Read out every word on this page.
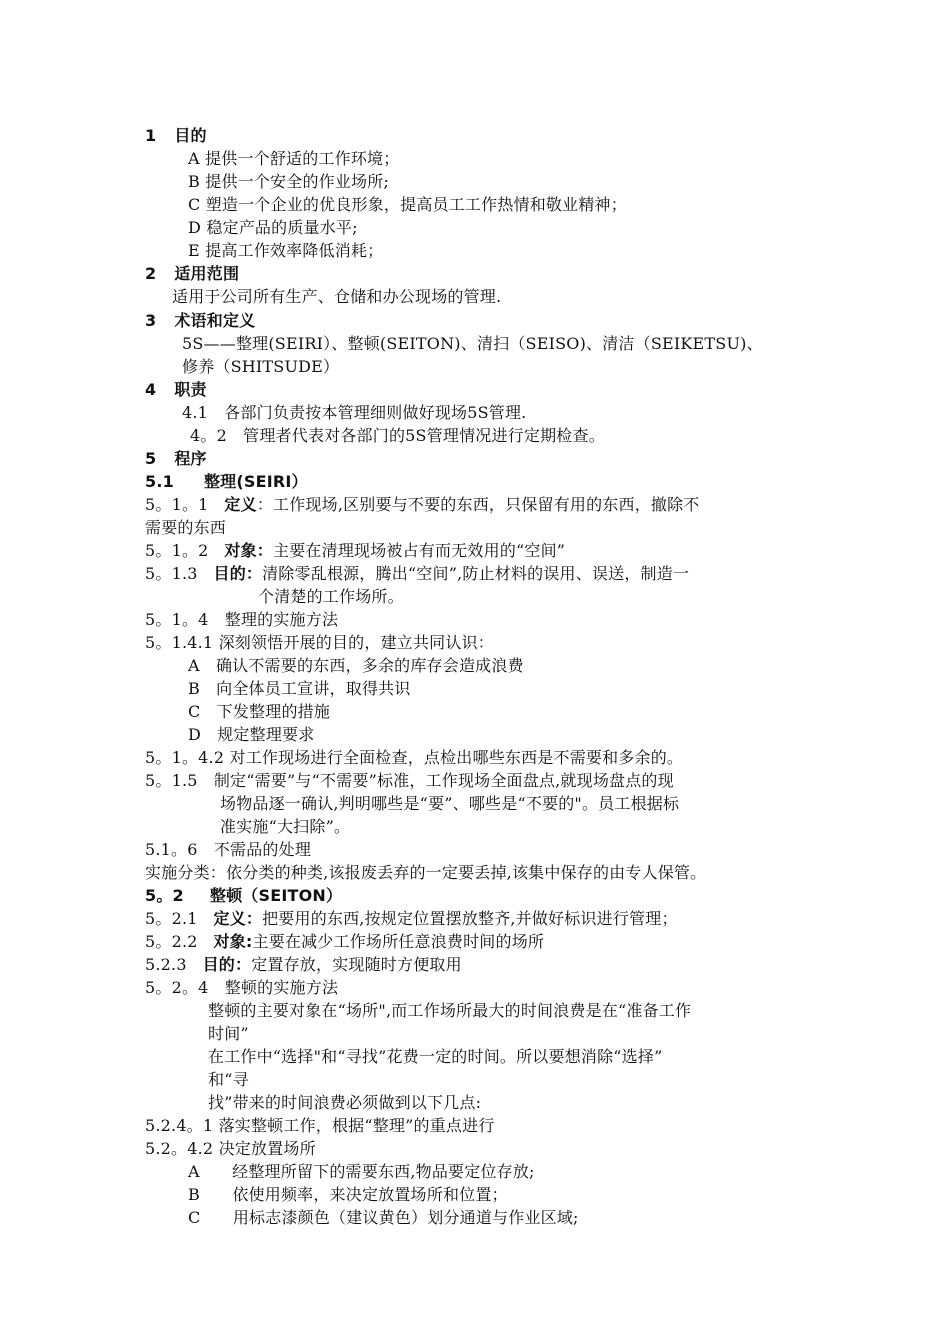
1 目的
A 提供一个舒适的工作环境；
B 提供一个安全的作业场所;
C 塑造一个企业的优良形象，提高员工工作热情和敬业精神；
D 稳定产品的质量水平;
E 提高工作效率降低消耗；
2 适用范围
适用于公司所有生产、仓储和办公现场的管理.
3 术语和定义
5S——整理(SEIRI）、整顿(SEITON)、清扫（SEISO)、清洁（SEIKETSU)、
修养（SHITSUDE）
4 职责
4.1　各部门负责按本管理细则做好现场5S管理.
4。2　管理者代表对各部门的5S管理情况进行定期检查。
5 程序
5.1 整理(SEIRI）
5。1。1 定义：工作现场,区别要与不要的东西，只保留有用的东西，撤除不
需要的东西
5。1。2 对象：主要在清理现场被占有而无效用的“空间”
5。1.3 目的：清除零乱根源，腾出“空间”,防止材料的误用、误送，制造一
个清楚的工作场所。
5。1。4　整理的实施方法
5。1.4.1 深刻领悟开展的目的，建立共同认识：
A　确认不需要的东西，多余的库存会造成浪费
B　向全体员工宣讲，取得共识
C　下发整理的措施
D　规定整理要求
5。1。4.2 对工作现场进行全面检查，点检出哪些东西是不需要和多余的。
5。1.5　制定“需要”与“不需要”标准，工作现场全面盘点,就现场盘点的现
场物品逐一确认,判明哪些是“要”、哪些是“不要的"。员工根据标
准实施“大扫除”。
5.1。6　不需品的处理
实施分类：依分类的种类,该报废丢弃的一定要丢掉,该集中保存的由专人保管。
5。2 整顿（SEITON）
5。2.1 定义：把要用的东西,按规定位置摆放整齐,并做好标识进行管理；
5。2.2 对象:主要在减少工作场所任意浪费时间的场所
5.2.3 目的：定置存放，实现随时方便取用
5。2。4　整顿的实施方法
整顿的主要对象在“场所",而工作场所最大的时间浪费是在“准备工作
时间”
在工作中“选择"和“寻找”花费一定的时间。所以要想消除“选择”
和“寻
找”带来的时间浪费必须做到以下几点:
5.2.4。1 落实整顿工作，根据“整理”的重点进行
5.2。4.2 决定放置场所
A　　经整理所留下的需要东西,物品要定位存放;
B　　依使用频率，来决定放置场所和位置；
C　　用标志漆颜色（建议黄色）划分通道与作业区域;
